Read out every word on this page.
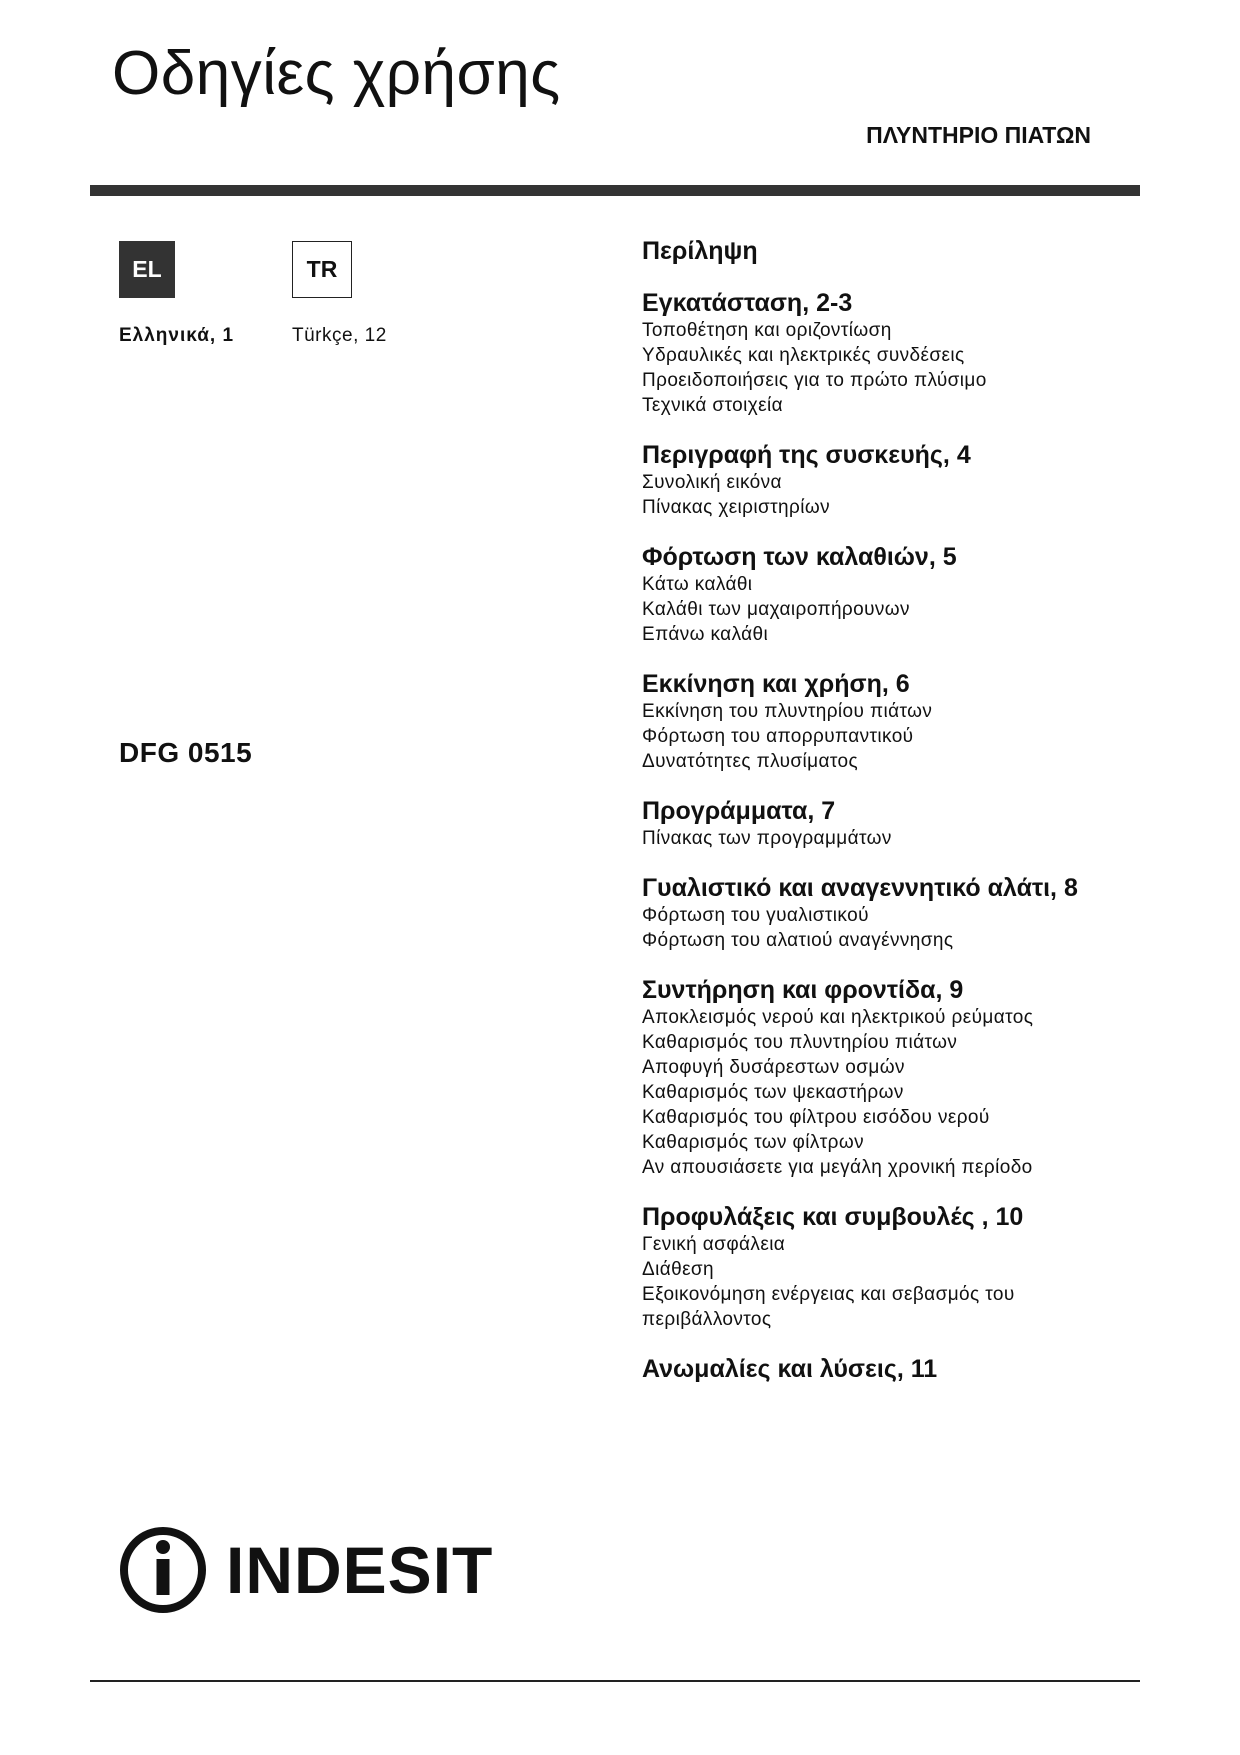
Οδηγίες χρήσης
ΠΛΥΝΤΗΡΙΟ ΠΙΑΤΩΝ
EL	TR
Ελληνικά, 1	Türkçe, 12
DFG 0515
Περίληψη
Εγκατάσταση, 2-3
Τοποθέτηση και οριζοντίωση
Υδραυλικές και ηλεκτρικές συνδέσεις
Προειδοποιήσεις για το πρώτο πλύσιμο
Τεχνικά στοιχεία
Περιγραφή της συσκευής, 4
Συνολική εικόνα
Πίνακας χειριστηρίων
Φόρτωση των καλαθιών, 5
Κάτω καλάθι
Καλάθι των μαχαιροπήρουνων
Επάνω καλάθι
Εκκίνηση και χρήση, 6
Εκκίνηση του πλυντηρίου πιάτων
Φόρτωση του απορρυπαντικού
Δυνατότητες πλυσίματος
Προγράμματα, 7
Πίνακας των προγραμμάτων
Γυαλιστικό και αναγεννητικό αλάτι, 8
Φόρτωση του γυαλιστικού
Φόρτωση του αλατιού αναγέννησης
Συντήρηση και φροντίδα, 9
Αποκλεισμός νερού και ηλεκτρικού ρεύματος
Καθαρισμός του πλυντηρίου πιάτων
Αποφυγή δυσάρεστων οσμών
Καθαρισμός των ψεκαστήρων
Καθαρισμός του φίλτρου εισόδου νερού
Καθαρισμός των φίλτρων
Αν απουσιάσετε για μεγάλη χρονική περίοδο
Προφυλάξεις και συμβουλές , 10
Γενική ασφάλεια
Διάθεση
Εξοικονόμηση ενέργειας και σεβασμός του
περιβάλλοντος
Ανωμαλίες και λύσεις, 11
INDESIT
